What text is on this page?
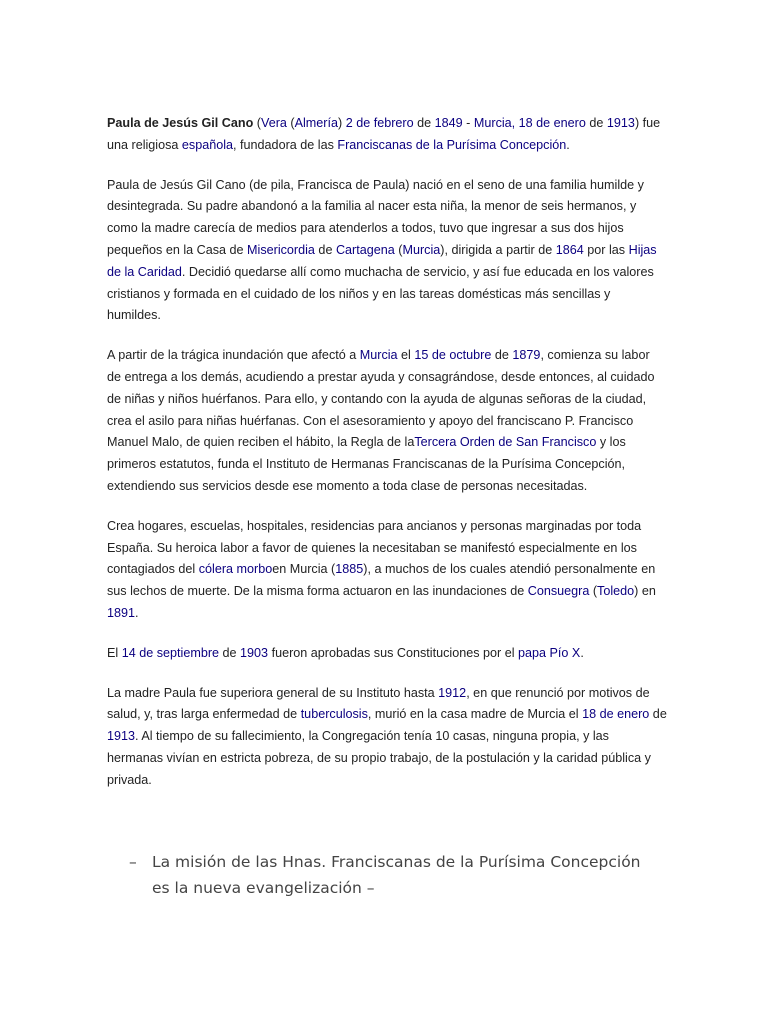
Paula de Jesús Gil Cano (Vera (Almería) 2 de febrero de 1849 - Murcia, 18 de enero de 1913) fue una religiosa española, fundadora de las Franciscanas de la Purísima Concepción.

Paula de Jesús Gil Cano (de pila, Francisca de Paula) nació en el seno de una familia humilde y desintegrada. Su padre abandonó a la familia al nacer esta niña, la menor de seis hermanos, y como la madre carecía de medios para atenderlos a todos, tuvo que ingresar a sus dos hijos pequeños en la Casa de Misericordia de Cartagena (Murcia), dirigida a partir de 1864 por las Hijas de la Caridad. Decidió quedarse allí como muchacha de servicio, y así fue educada en los valores cristianos y formada en el cuidado de los niños y en las tareas domésticas más sencillas y humildes.

A partir de la trágica inundación que afectó a Murcia el 15 de octubre de 1879, comienza su labor de entrega a los demás, acudiendo a prestar ayuda y consagrándose, desde entonces, al cuidado de niñas y niños huérfanos. Para ello, y contando con la ayuda de algunas señoras de la ciudad, crea el asilo para niñas huérfanas. Con el asesoramiento y apoyo del franciscano P. Francisco Manuel Malo, de quien reciben el hábito, la Regla de laTercera Orden de San Francisco y los primeros estatutos, funda el Instituto de Hermanas Franciscanas de la Purísima Concepción, extendiendo sus servicios desde ese momento a toda clase de personas necesitadas.

Crea hogares, escuelas, hospitales, residencias para ancianos y personas marginadas por toda España. Su heroica labor a favor de quienes la necesitaban se manifestó especialmente en los contagiados del cólera morboen Murcia (1885), a muchos de los cuales atendió personalmente en sus lechos de muerte. De la misma forma actuaron en las inundaciones de Consuegra (Toledo) en 1891.

El 14 de septiembre de 1903 fueron aprobadas sus Constituciones por el papa Pío X.

La madre Paula fue superiora general de su Instituto hasta 1912, en que renunció por motivos de salud, y, tras larga enfermedad de tuberculosis, murió en la casa madre de Murcia el 18 de enero de 1913. Al tiempo de su fallecimiento, la Congregación tenía 10 casas, ninguna propia, y las hermanas vivían en estricta pobreza, de su propio trabajo, de la postulación y la caridad pública y privada.

– La misión de las Hnas. Franciscanas de la Purísima Concepción es la nueva evangelización –
